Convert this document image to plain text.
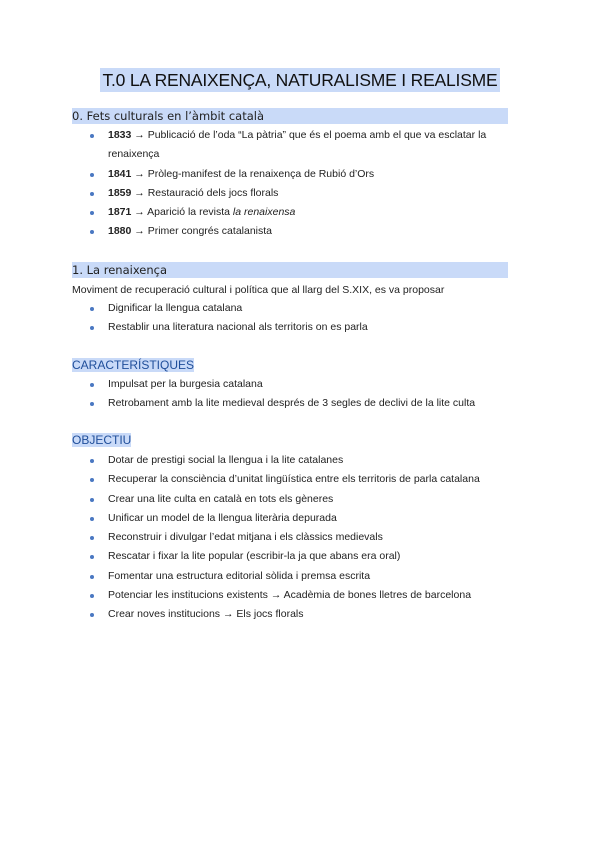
T.0 LA RENAIXENÇA, NATURALISME I REALISME
0. Fets culturals en l’àmbit català
1833 → Publicació de l’oda “La pàtria” que és el poema amb el que va esclatar la renaixença
1841 → Pròleg-manifest de la renaixença de Rubió d’Ors
1859 → Restauració dels jocs florals
1871 → Aparició la revista la renaixensa
1880 → Primer congrés catalanista
1. La renaixença
Moviment de recuperació cultural i política que al llarg del S.XIX, es va proposar
Dignificar la llengua catalana
Restablir una literatura nacional als territoris on es parla
CARACTERÍSTIQUES
Impulsat per la burgesia catalana
Retrobament amb la lite medieval després de 3 segles de declivi de la lite culta
OBJECTIU
Dotar de prestigi social la llengua i la lite catalanes
Recuperar la consciència d’unitat lingüística entre els territoris de parla catalana
Crear una lite culta en català en tots els gèneres
Unificar un model de la llengua literària depurada
Reconstruir i divulgar l’edat mitjana i els clàssics medievals
Rescatar i fixar la lite popular (escribir-la ja que abans era oral)
Fomentar una estructura editorial sòlida i premsa escrita
Potenciar les institucions existents → Acadèmia de bones lletres de barcelona
Crear noves institucions → Els jocs florals
